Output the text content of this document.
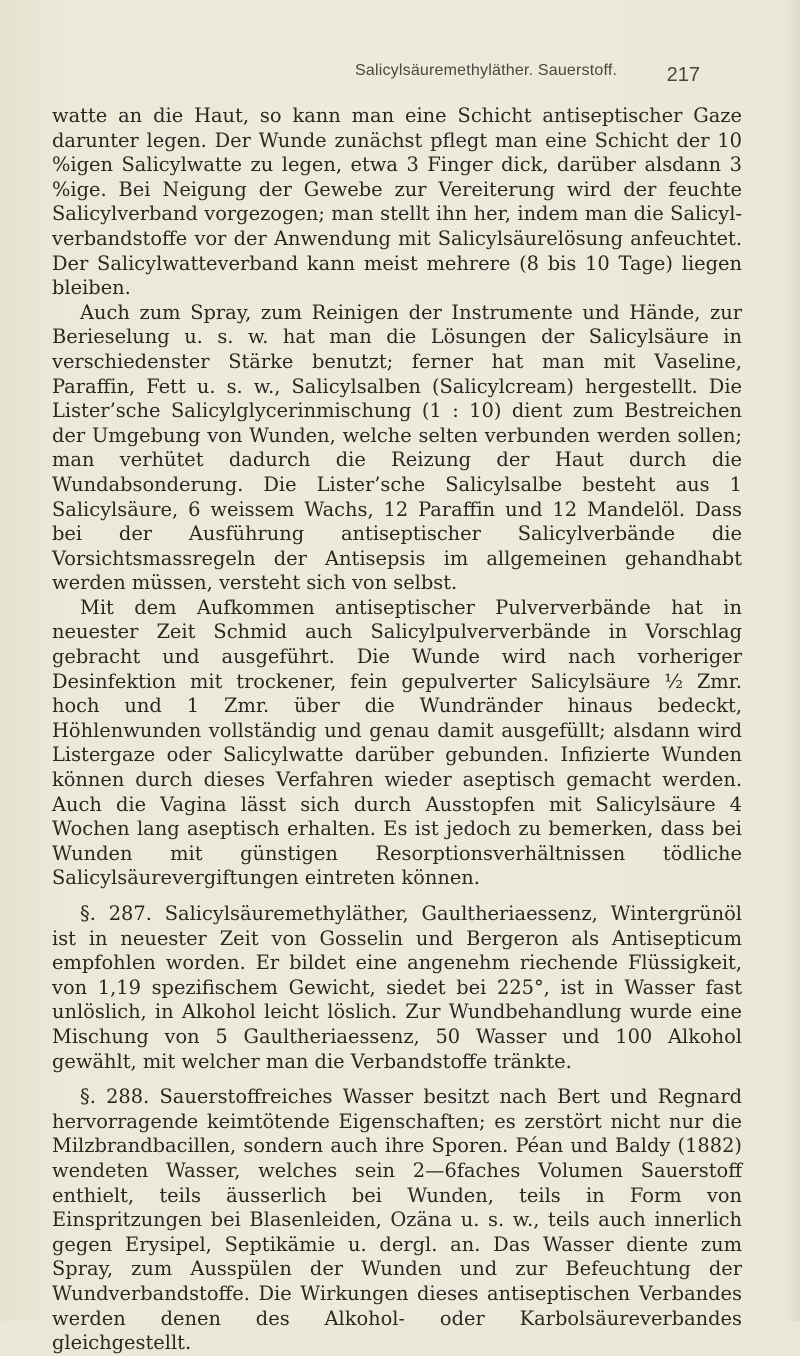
Salicylsäuremethyläther. Sauerstoff. 217

watte an die Haut, so kann man eine Schicht antiseptischer Gaze darunter legen. Der Wunde zunächst pflegt man eine Schicht der 10 %igen Salicylwatte zu legen, etwa 3 Finger dick, darüber alsdann 3 %ige. Bei Neigung der Gewebe zur Vereiterung wird der feuchte Salicylverband vorgezogen; man stellt ihn her, indem man die Salicyl-verbandstoffe vor der Anwendung mit Salicylsäurelösung anfeuchtet. Der Salicylwatteverband kann meist mehrere (8 bis 10 Tage) liegen bleiben.

Auch zum Spray, zum Reinigen der Instrumente und Hände, zur Berieselung u. s. w. hat man die Lösungen der Salicylsäure in verschiedenster Stärke benutzt; ferner hat man mit Vaseline, Paraffin, Fett u. s. w., Salicylsalben (Salicylcream) hergestellt. Die Lister’sche Salicylglycerinmischung (1 : 10) dient zum Bestreichen der Umgebung von Wunden, welche selten verbunden werden sollen; man verhütet dadurch die Reizung der Haut durch die Wundabsonderung. Die Lister’sche Salicylsalbe besteht aus 1 Salicylsäure, 6 weissem Wachs, 12 Paraffin und 12 Mandelöl. Dass bei der Ausführung antiseptischer Salicylverbände die Vorsichtsmassregeln der Antisepsis im allgemeinen gehandhabt werden müssen, versteht sich von selbst.

Mit dem Aufkommen antiseptischer Pulververbände hat in neuester Zeit Schmid auch Salicylpulververbände in Vorschlag gebracht und ausgeführt. Die Wunde wird nach vorheriger Desinfektion mit trockener, fein gepulverter Salicylsäure ½ Zmr. hoch und 1 Zmr. über die Wundränder hinaus bedeckt, Höhlenwunden vollständig und genau damit ausgefüllt; alsdann wird Listergaze oder Salicylwatte darüber gebunden. Infizierte Wunden können durch dieses Verfahren wieder aseptisch gemacht werden. Auch die Vagina lässt sich durch Ausstopfen mit Salicylsäure 4 Wochen lang aseptisch erhalten. Es ist jedoch zu bemerken, dass bei Wunden mit günstigen Resorptionsverhältnissen tödliche Salicylsäurevergiftungen eintreten können.

§. 287. Salicylsäuremethyläther, Gaultheriaessenz, Wintergrünöl ist in neuester Zeit von Gosselin und Bergeron als Antisepticum empfohlen worden. Er bildet eine angenehm riechende Flüssigkeit, von 1,19 spezifischem Gewicht, siedet bei 225°, ist in Wasser fast unlöslich, in Alkohol leicht löslich. Zur Wundbehandlung wurde eine Mischung von 5 Gaultheriaessenz, 50 Wasser und 100 Alkohol gewählt, mit welcher man die Verbandstoffe tränkte.

§. 288. Sauerstoffreiches Wasser besitzt nach Bert und Regnard hervorragende keimtötende Eigenschaften; es zerstört nicht nur die Milzbrandbacillen, sondern auch ihre Sporen. Péan und Baldy (1882) wendeten Wasser, welches sein 2—6faches Volumen Sauerstoff enthielt, teils äusserlich bei Wunden, teils in Form von Einspritzungen bei Blasenleiden, Ozäna u. s. w., teils auch innerlich gegen Erysipel, Septikämie u. dergl. an. Das Wasser diente zum Spray, zum Ausspülen der Wunden und zur Befeuchtung der Wundverbandstoffe. Die Wirkungen dieses antiseptischen Verbandes werden denen des Alkohol- oder Karbolsäureverbandes gleichgestellt.
